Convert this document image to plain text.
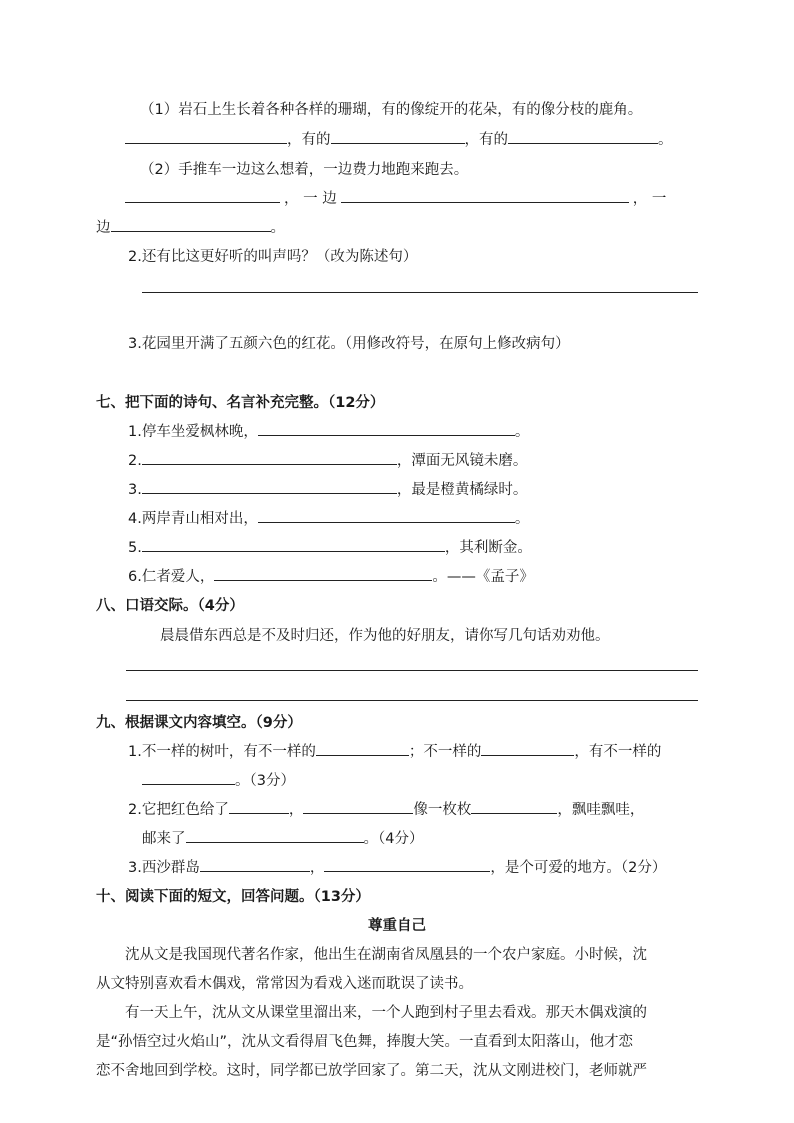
（1）岩石上生长着各种各样的珊瑚，有的像绽开的花朵，有的像分枝的鹿角。
，有的	，有的	。
（2）手推车一边这么想着，一边费力地跑来跑去。
， 一 边	， 一
边	。
2.还有比这更好听的叫声吗？（改为陈述句）
3.花园里开满了五颜六色的红花。（用修改符号，在原句上修改病句）
七、把下面的诗句、名言补充完整。（12分）
1.停车坐爱枫林晚，	。
2.	，潭面无风镜未磨。
3.	，最是橙黄橘绿时。
4.两岸青山相对出，	。
5.	，其利断金。
6.仁者爱人，	。——《孟子》
八、口语交际。（4分）
晨晨借东西总是不及时归还，作为他的好朋友，请你写几句话劝劝他。
九、根据课文内容填空。（9分）
1.不一样的树叶，有不一样的	；不一样的	，有不一样的
。（3分）
2.它把红色给了	，	像一枚枚	，飘哇飘哇，
邮来了	。（4分）
3.西沙群岛	，	，是个可爱的地方。（2分）
十、阅读下面的短文，回答问题。（13分）
尊重自己
沈从文是我国现代著名作家，他出生在湖南省凤凰县的一个农户家庭。小时候，沈
从文特别喜欢看木偶戏，常常因为看戏入迷而耽误了读书。
有一天上午，沈从文从课堂里溜出来，一个人跑到村子里去看戏。那天木偶戏演的
是“孙悟空过火焰山”，沈从文看得眉飞色舞，捧腹大笑。一直看到太阳落山，他才恋
恋不舍地回到学校。这时，同学都已放学回家了。第二天，沈从文刚进校门，老师就严
